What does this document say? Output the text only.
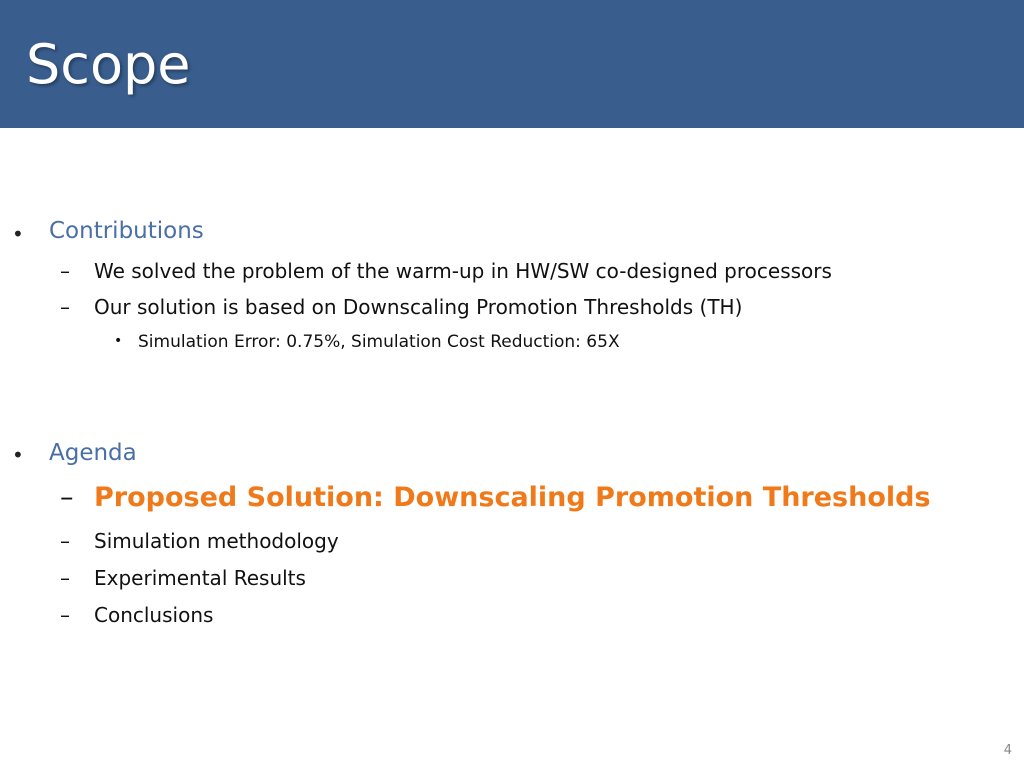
Scope
• Contributions
– We solved the problem of the warm-up in HW/SW co-designed processors
– Our solution is based on Downscaling Promotion Thresholds (TH)
• Simulation Error: 0.75%, Simulation Cost Reduction: 65X
• Agenda
– Proposed Solution: Downscaling Promotion Thresholds
– Simulation methodology
– Experimental Results
– Conclusions
4
